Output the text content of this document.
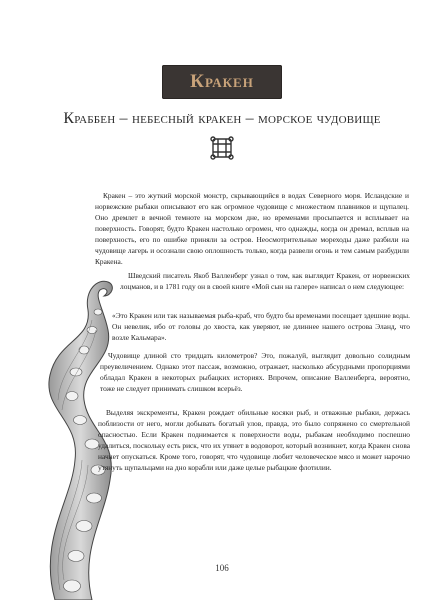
Кракен
Краббен – небесный кракен – морское чудовище

Кракен – это жуткий морской монстр, скрывающийся в водах Северного моря. Исландские и норвежские рыбаки описывают его как огромное чудовище с множеством плавников и щупалец. Оно дремлет в вечной темноте на морском дне, но временами просыпается и всплывает на поверхность. Говорят, будто Кракен настолько огромен, что однажды, когда он дремал, всплыв на поверхность, его по ошибке приняли за остров. Неосмотрительные мореходы даже разбили на чудовище лагерь и осознали свою оплошность только, когда развели огонь и тем самым разбудили Кракена.

Шведский писатель Якоб Валленберг узнал о том, как выглядит Кракен, от норвежских лоцманов, и в 1781 году он в своей книге «Мой сын на галере» написал о нем следующее:

«Это Кракен или так называемая рыба-краб, что будто бы временами посещает здешние воды. Он невелик, ибо от головы до хвоста, как уверяют, не длиннее нашего острова Эланд, что возле Кальмара».

Чудовище длиной сто тридцать километров? Это, пожалуй, выглядит довольно солидным преувеличением. Однако этот пассаж, возможно, отражает, насколько абсурдными пропорциями обладал Кракен в некоторых рыбацких историях. Впрочем, описание Валленберга, вероятно, тоже не следует принимать слишком всерьёз.

Выделяя экскременты, Кракен рождает обильные косяки рыб, и отважные рыбаки, держась поблизости от него, могли добывать богатый улов, правда, это было сопряжено со смертельной опасностью. Если Кракен поднимается к поверхности воды, рыбакам необходимо поспешно удалиться, поскольку есть риск, что их утянет в водоворот, который возникнет, когда Кракен снова начнет опускаться. Кроме того, говорят, что чудовище любит человеческое мясо и может нарочно утянуть щупальцами на дно корабли или даже целые рыбацкие флотилии.

106
